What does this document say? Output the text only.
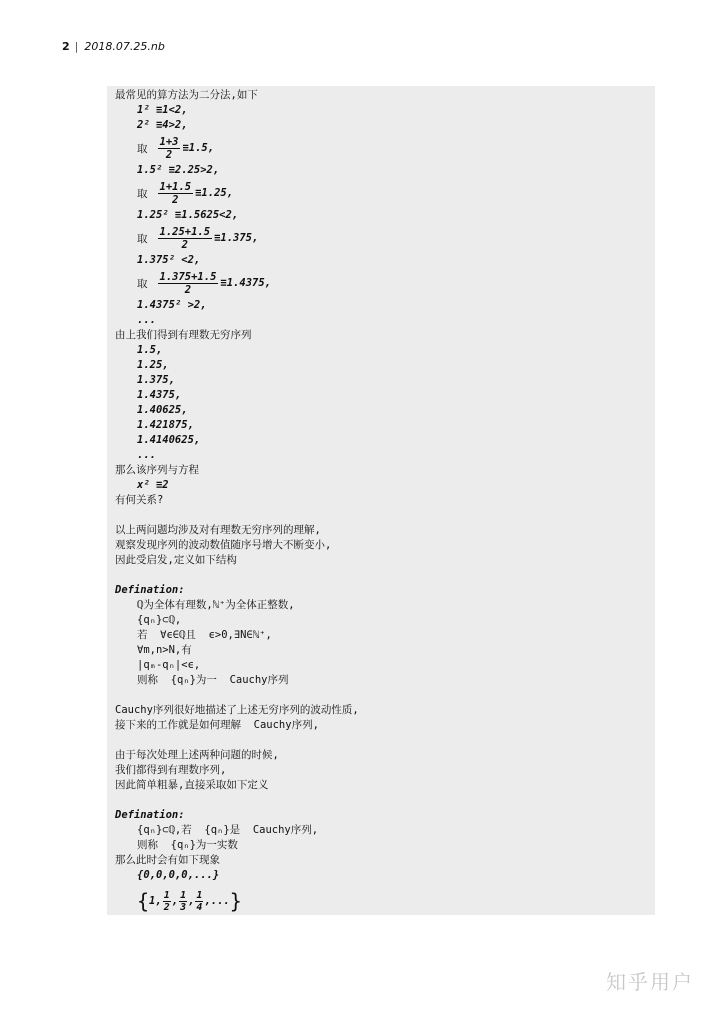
2 | 2018.07.25.nb
最常见的算方法为二分法,如下
1² ≡1<2,
2² ≡4>2,
取 $\frac{1+3}{2} \equiv 1.5$,
1.5² ≡2.25>2,
取 $\frac{1+1.5}{2} \equiv 1.25$,
1.25² ≡1.5625<2,
取 $\frac{1.25+1.5}{2} \equiv 1.375$,
1.375² <2,
取 $\frac{1.375+1.5}{2} \equiv 1.4375$,
1.4375² >2,
...
由上我们得到有理数无穷序列
1.5,
1.25,
1.375,
1.4375,
1.40625,
1.421875,
1.4140625,
...
那么该序列与方程
x² ≡2
有何关系?
以上两问题均涉及对有理数无穷序列的理解,
观察发现序列的波动数值随序号增大不断变小,
因此受启发,定义如下结构
Defination:
ℚ为全体有理数,ℕ⁺为全体正整数,
{qₙ}⊂ℚ,
若  ∀ϵ∈ℚ且  ϵ>0,∃N∈ℕ⁺,
∀m,n>N,有
|qₘ-qₙ|<ϵ,
则称  {qₙ}为一  Cauchy序列
Cauchy序列很好地描述了上述无穷序列的波动性质,
接下来的工作就是如何理解  Cauchy序列,
由于每次处理上述两种问题的时候,
我们都得到有理数序列,
因此简单粗暴,直接采取如下定义
Defination:
{qₙ}⊂ℚ,若  {qₙ}是  Cauchy序列,
则称  {qₙ}为一实数
那么此时会有如下现象
{0,0,0,0,...}
{ 1, 1
2 , 1
3 , 1
4 ,... }
知乎用户
